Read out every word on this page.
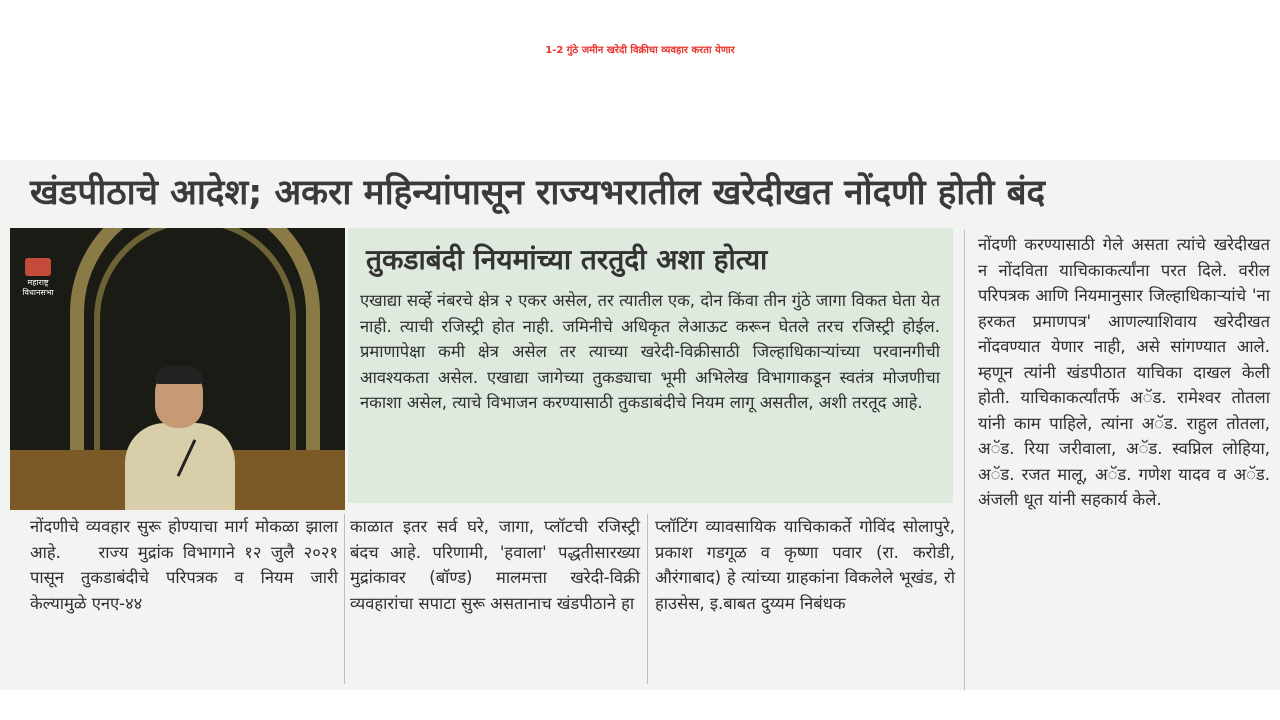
1-2 गुंठे जमीन खरेदी विक्रीचा व्यवहार करता येणार
खंडपीठाचे आदेश; अकरा महिन्यांपासून राज्यभरातील खरेदीखत नोंदणी होती बंद
महाराष्ट्र विधानसभा
तुकडाबंदी नियमांच्या तरतुदी अशा होत्या
एखाद्या सर्व्हे नंबरचे क्षेत्र २ एकर असेल, तर त्यातील एक, दोन किंवा तीन गुंठे जागा विकत घेता येत नाही. त्याची रजिस्ट्री होत नाही. जमिनीचे अधिकृत लेआऊट करून घेतले तरच रजिस्ट्री होईल. प्रमाणापेक्षा कमी क्षेत्र असेल तर त्याच्या खरेदी-विक्रीसाठी जिल्हाधिकाऱ्यांच्या परवानगीची आवश्यकता असेल. एखाद्या जागेच्या तुकड्याचा भूमी अभिलेख विभागाकडून स्वतंत्र मोजणीचा नकाशा असेल, त्याचे विभाजन करण्यासाठी तुकडाबंदीचे नियम लागू असतील, अशी तरतूद आहे.
नोंदणी करण्यासाठी गेले असता त्यांचे खरेदीखत न नोंदविता याचिकाकर्त्यांना परत दिले. वरील परिपत्रक आणि नियमानुसार जिल्हाधिकाऱ्यांचे 'ना हरकत प्रमाणपत्र' आणल्याशिवाय खरेदीखत नोंदवण्यात येणार नाही, असे सांगण्यात आले. म्हणून त्यांनी खंडपीठात याचिका दाखल केली होती. याचिकाकर्त्यांतर्फे अॅड. रामेश्वर तोतला यांनी काम पाहिले, त्यांना अॅड. राहुल तोतला, अॅड. रिया जरीवाला, अॅड. स्वप्निल लोहिया, अॅड. रजत मालू, अॅड. गणेश यादव व अॅड. अंजली धूत यांनी सहकार्य केले.
नोंदणीचे व्यवहार सुरू होण्याचा मार्ग मोकळा झाला आहे.    राज्य मुद्रांक विभागाने १२ जुलै २०२१ पासून तुकडाबंदीचे परिपत्रक व नियम जारी केल्यामुळे एनए-४४
काळात इतर सर्व घरे, जागा, प्लॉटची रजिस्ट्री बंदच आहे. परिणामी, 'हवाला' पद्धतीसारख्या मुद्रांकावर (बॉण्ड) मालमत्ता खरेदी-विक्री व्यवहारांचा सपाटा सुरू असतानाच खंडपीठाने हा
प्लॉटिंग व्यावसायिक याचिकाकर्ते गोविंद सोलापुरे, प्रकाश गडगूळ व कृष्णा पवार (रा. करोडी, औरंगाबाद) हे त्यांच्या ग्राहकांना विकलेले भूखंड, रो हाउसेस, इ.बाबत दुय्यम निबंधक
